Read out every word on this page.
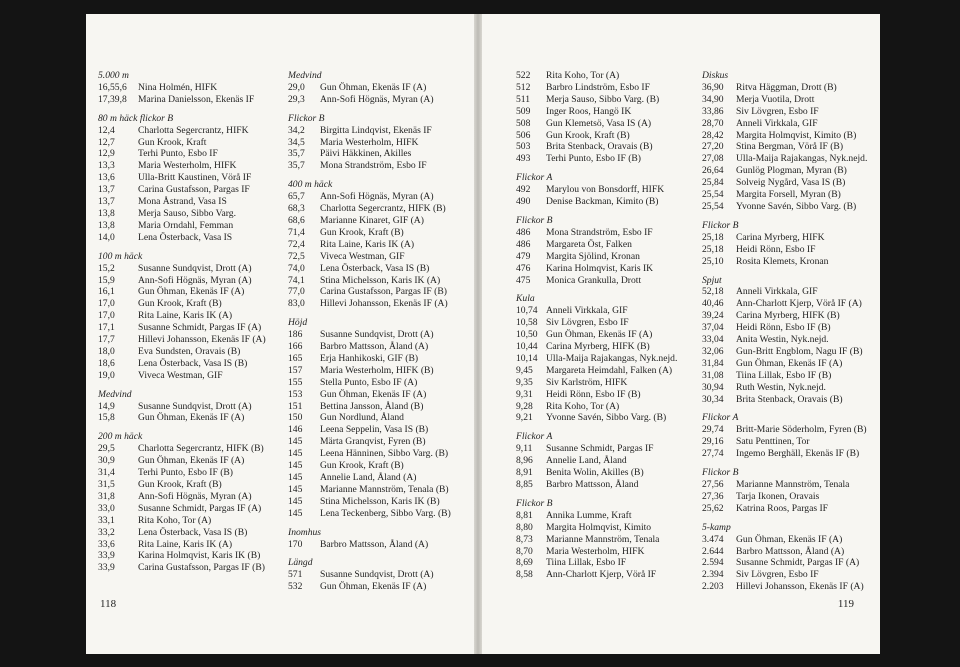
5.000 m
16,55,6	Nina Holmén, HIFK
17,39,8	Marina Danielsson, Ekenäs IF
80 m häck flickor B
12,4	Charlotta Segercrantz, HIFK
12,7	Gun Krook, Kraft
12,9	Terhi Punto, Esbo IF
13,3	Maria Westerholm, HIFK
13,6	Ulla-Britt Kaustinen, Vörå IF
13,7	Carina Gustafsson, Pargas IF
13,7	Mona Åstrand, Vasa IS
13,8	Merja Sauso, Sibbo Varg.
13,8	Maria Orndahl, Femman
14,0	Lena Österback, Vasa IS
100 m häck
15,2	Susanne Sundqvist, Drott (A)
15,9	Ann-Sofi Högnäs, Myran (A)
16,1	Gun Öhman, Ekenäs IF (A)
17,0	Gun Krook, Kraft (B)
17,0	Rita Laine, Karis IK (A)
17,1	Susanne Schmidt, Pargas IF (A)
17,7	Hillevi Johansson, Ekenäs IF (A)
18,0	Eva Sundsten, Oravais (B)
18,6	Lena Österback, Vasa IS (B)
19,0	Viveca Westman, GIF
Medvind
14,9	Susanne Sundqvist, Drott (A)
15,8	Gun Öhman, Ekenäs IF (A)
200 m häck
29,5	Charlotta Segercrantz, HIFK (B)
30,9	Gun Öhman, Ekenäs IF (A)
31,4	Terhi Punto, Esbo IF (B)
31,5	Gun Krook, Kraft (B)
31,8	Ann-Sofi Högnäs, Myran (A)
33,0	Susanne Schmidt, Pargas IF (A)
33,1	Rita Koho, Tor (A)
33,2	Lena Österback, Vasa IS (B)
33,6	Rita Laine, Karis IK (A)
33,9	Karina Holmqvist, Karis IK (B)
33,9	Carina Gustafsson, Pargas IF (B)
Medvind
29,0	Gun Öhman, Ekenäs IF (A)
29,3	Ann-Sofi Högnäs, Myran (A)
Flickor B
34,2	Birgitta Lindqvist, Ekenäs IF
34,5	Maria Westerholm, HIFK
35,7	Päivi Häkkinen, Akilles
35,7	Mona Strandström, Esbo IF
400 m häck
65,7	Ann-Sofi Högnäs, Myran (A)
68,3	Charlotta Segercrantz, HIFK (B)
68,6	Marianne Kinaret, GIF (A)
71,4	Gun Krook, Kraft (B)
72,4	Rita Laine, Karis IK (A)
72,5	Viveca Westman, GIF
74,0	Lena Österback, Vasa IS (B)
74,1	Stina Michelsson, Karis IK (A)
77,0	Carina Gustafsson, Pargas IF (B)
83,0	Hillevi Johansson, Ekenäs IF (A)
Höjd
186	Susanne Sundqvist, Drott (A)
166	Barbro Mattsson, Åland (A)
165	Erja Hanhikoski, GIF (B)
157	Maria Westerholm, HIFK (B)
155	Stella Punto, Esbo IF (A)
153	Gun Öhman, Ekenäs IF (A)
151	Bettina Jansson, Åland (B)
150	Gun Nordlund, Åland
146	Leena Seppelin, Vasa IS (B)
145	Märta Granqvist, Fyren (B)
145	Leena Hänninen, Sibbo Varg. (B)
145	Gun Krook, Kraft (B)
145	Annelie Land, Åland (A)
145	Marianne Mannström, Tenala (B)
145	Stina Michelsson, Karis IK (B)
145	Lena Teckenberg, Sibbo Varg. (B)
Inomhus
170	Barbro Mattsson, Åland (A)
Längd
571	Susanne Sundqvist, Drott (A)
532	Gun Öhman, Ekenäs IF (A)
118
522	Rita Koho, Tor (A)
512	Barbro Lindström, Esbo IF
511	Merja Sauso, Sibbo Varg. (B)
509	Inger Roos, Hangö IK
508	Gun Klemetsö, Vasa IS (A)
506	Gun Krook, Kraft (B)
503	Brita Stenback, Oravais (B)
493	Terhi Punto, Esbo IF (B)
Flickor A
492	Marylou von Bonsdorff, HIFK
490	Denise Backman, Kimito (B)
Flickor B
486	Mona Strandström, Esbo IF
486	Margareta Öst, Falken
479	Margita Sjölind, Kronan
476	Karina Holmqvist, Karis IK
475	Monica Grankulla, Drott
Kula
10,74 Anneli Virkkala, GIF
10,58 Siv Lövgren, Esbo IF
10,50 Gun Öhman, Ekenäs IF (A)
10,44 Carina Myrberg, HIFK (B)
10,14 Ulla-Maija Rajakangas, Nyk.nejd.
9,45	Margareta Heimdahl, Falken (A)
9,35	Siv Karlström, HIFK
9,31	Heidi Rönn, Esbo IF (B)
9,28	Rita Koho, Tor (A)
9,21	Yvonne Savén, Sibbo Varg. (B)
Flickor A
9,11	Susanne Schmidt, Pargas IF
8,96	Annelie Land, Åland
8,91	Benita Wolin, Akilles (B)
8,85	Barbro Mattsson, Åland
Flickor B
8,81	Annika Lumme, Kraft
8,80	Margita Holmqvist, Kimito
8,73	Marianne Mannström, Tenala
8,70	Maria Westerholm, HIFK
8,69	Tiina Lillak, Esbo IF
8,58	Ann-Charlott Kjerp, Vörå IF
Diskus
36,90	Ritva Häggman, Drott (B)
34,90	Merja Vuotila, Drott
33,86	Siv Lövgren, Esbo IF
28,70	Anneli Virkkala, GIF
28,42	Margita Holmqvist, Kimito (B)
27,20	Stina Bergman, Vörå IF (B)
27,08	Ulla-Maija Rajakangas, Nyk.nejd.
26,64	Gunlög Plogman, Myran (B)
25,84	Solveig Nygård, Vasa IS (B)
25,54	Margita Forsell, Myran (B)
25,54	Yvonne Savén, Sibbo Varg. (B)
Flickor B
25,18	Carina Myrberg, HIFK
25,18	Heidi Rönn, Esbo IF
25,10	Rosita Klemets, Kronan
Spjut
52,18	Anneli Virkkala, GIF
40,46	Ann-Charlott Kjerp, Vörå IF (A)
39,24	Carina Myrberg, HIFK (B)
37,04	Heidi Rönn, Esbo IF (B)
33,04	Anita Westin, Nyk.nejd.
32,06	Gun-Britt Engblom, Nagu IF (B)
31,84	Gun Öhman, Ekenäs IF (A)
31,08	Tiina Lillak, Esbo IF (B)
30,94	Ruth Westin, Nyk.nejd.
30,34	Brita Stenback, Oravais (B)
Flickor A
29,74	Britt-Marie Söderholm, Fyren (B)
29,16	Satu Penttinen, Tor
27,74	Ingemo Berghäll, Ekenäs IF (B)
Flickor B
27,56	Marianne Mannström, Tenala
27,36	Tarja Ikonen, Oravais
25,62	Katrina Roos, Pargas IF
5-kamp
3.474	Gun Öhman, Ekenäs IF (A)
2.644	Barbro Mattsson, Åland (A)
2.594	Susanne Schmidt, Pargas IF (A)
2.394	Siv Lövgren, Esbo IF
2.203	Hillevi Johansson, Ekenäs IF (A)
119
